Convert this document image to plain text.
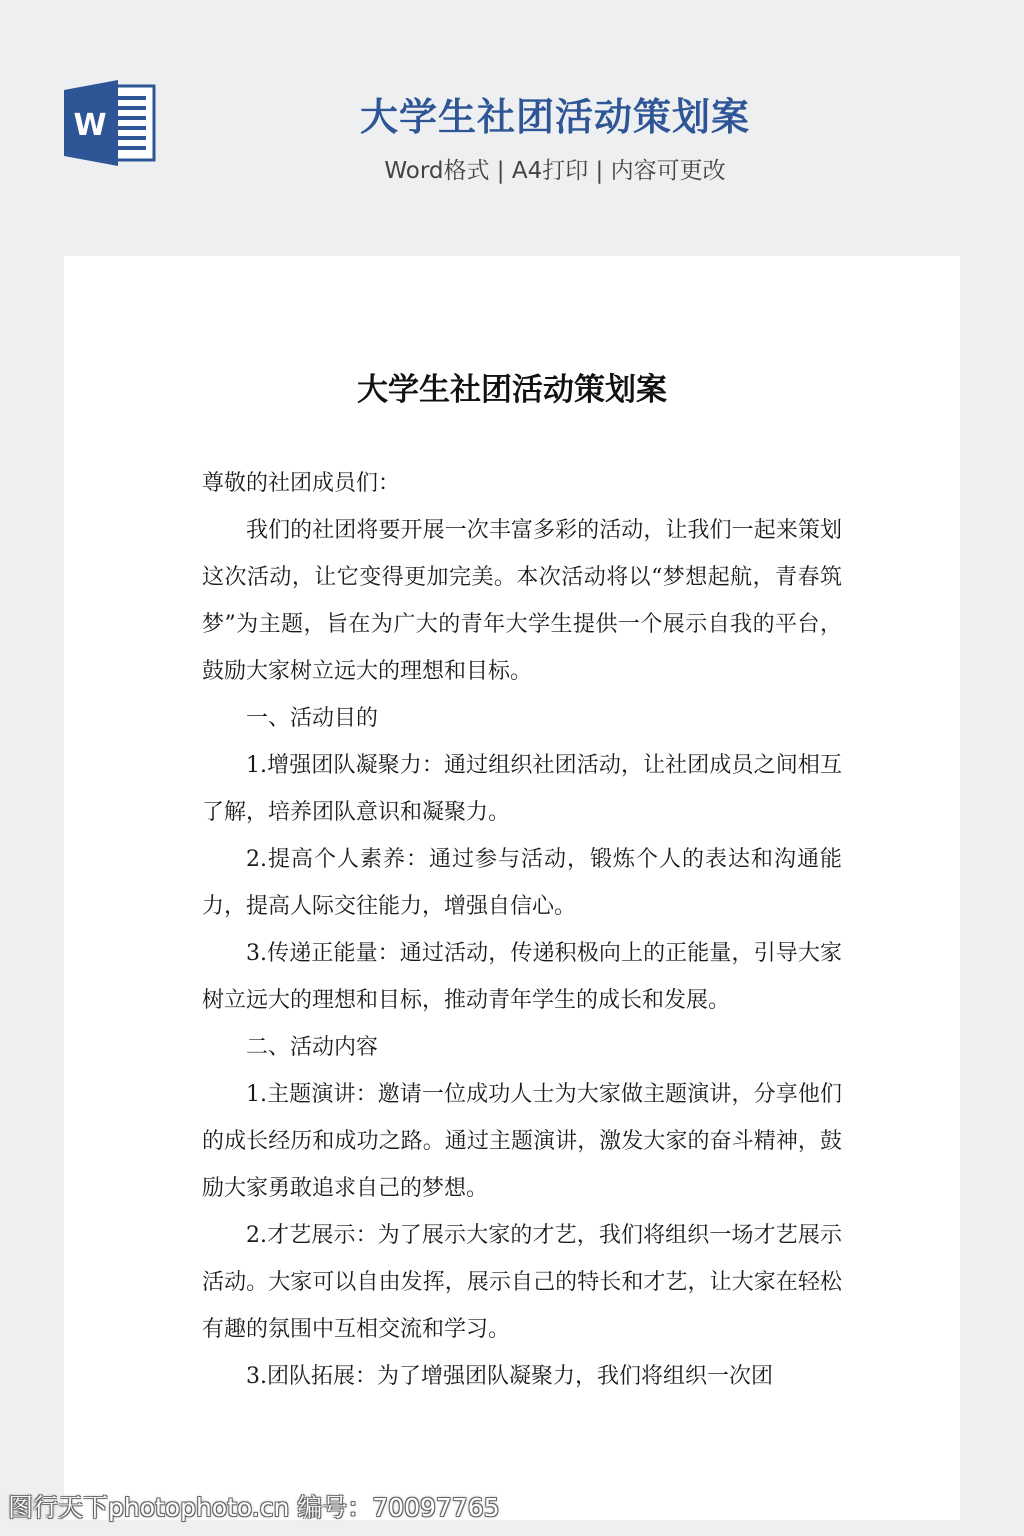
W	大学生社团活动策划案
Word格式 | A4打印 | 内容可更改
大学生社团活动策划案

尊敬的社团成员们：

我们的社团将要开展一次丰富多彩的活动，让我们一起来策划这次活动，让它变得更加完美。本次活动将以“梦想起航，青春筑梦”为主题，旨在为广大的青年大学生提供一个展示自我的平台，鼓励大家树立远大的理想和目标。

一、活动目的

1.增强团队凝聚力：通过组织社团活动，让社团成员之间相互了解，培养团队意识和凝聚力。

2.提高个人素养：通过参与活动，锻炼个人的表达和沟通能力，提高人际交往能力，增强自信心。

3.传递正能量：通过活动，传递积极向上的正能量，引导大家树立远大的理想和目标，推动青年学生的成长和发展。

二、活动内容

1.主题演讲：邀请一位成功人士为大家做主题演讲，分享他们的成长经历和成功之路。通过主题演讲，激发大家的奋斗精神，鼓励大家勇敢追求自己的梦想。

2.才艺展示：为了展示大家的才艺，我们将组织一场才艺展示活动。大家可以自由发挥，展示自己的特长和才艺，让大家在轻松有趣的氛围中互相交流和学习。

3.团队拓展：为了增强团队凝聚力，我们将组织一次团

图行天下photophoto.cn 编号：70097765
